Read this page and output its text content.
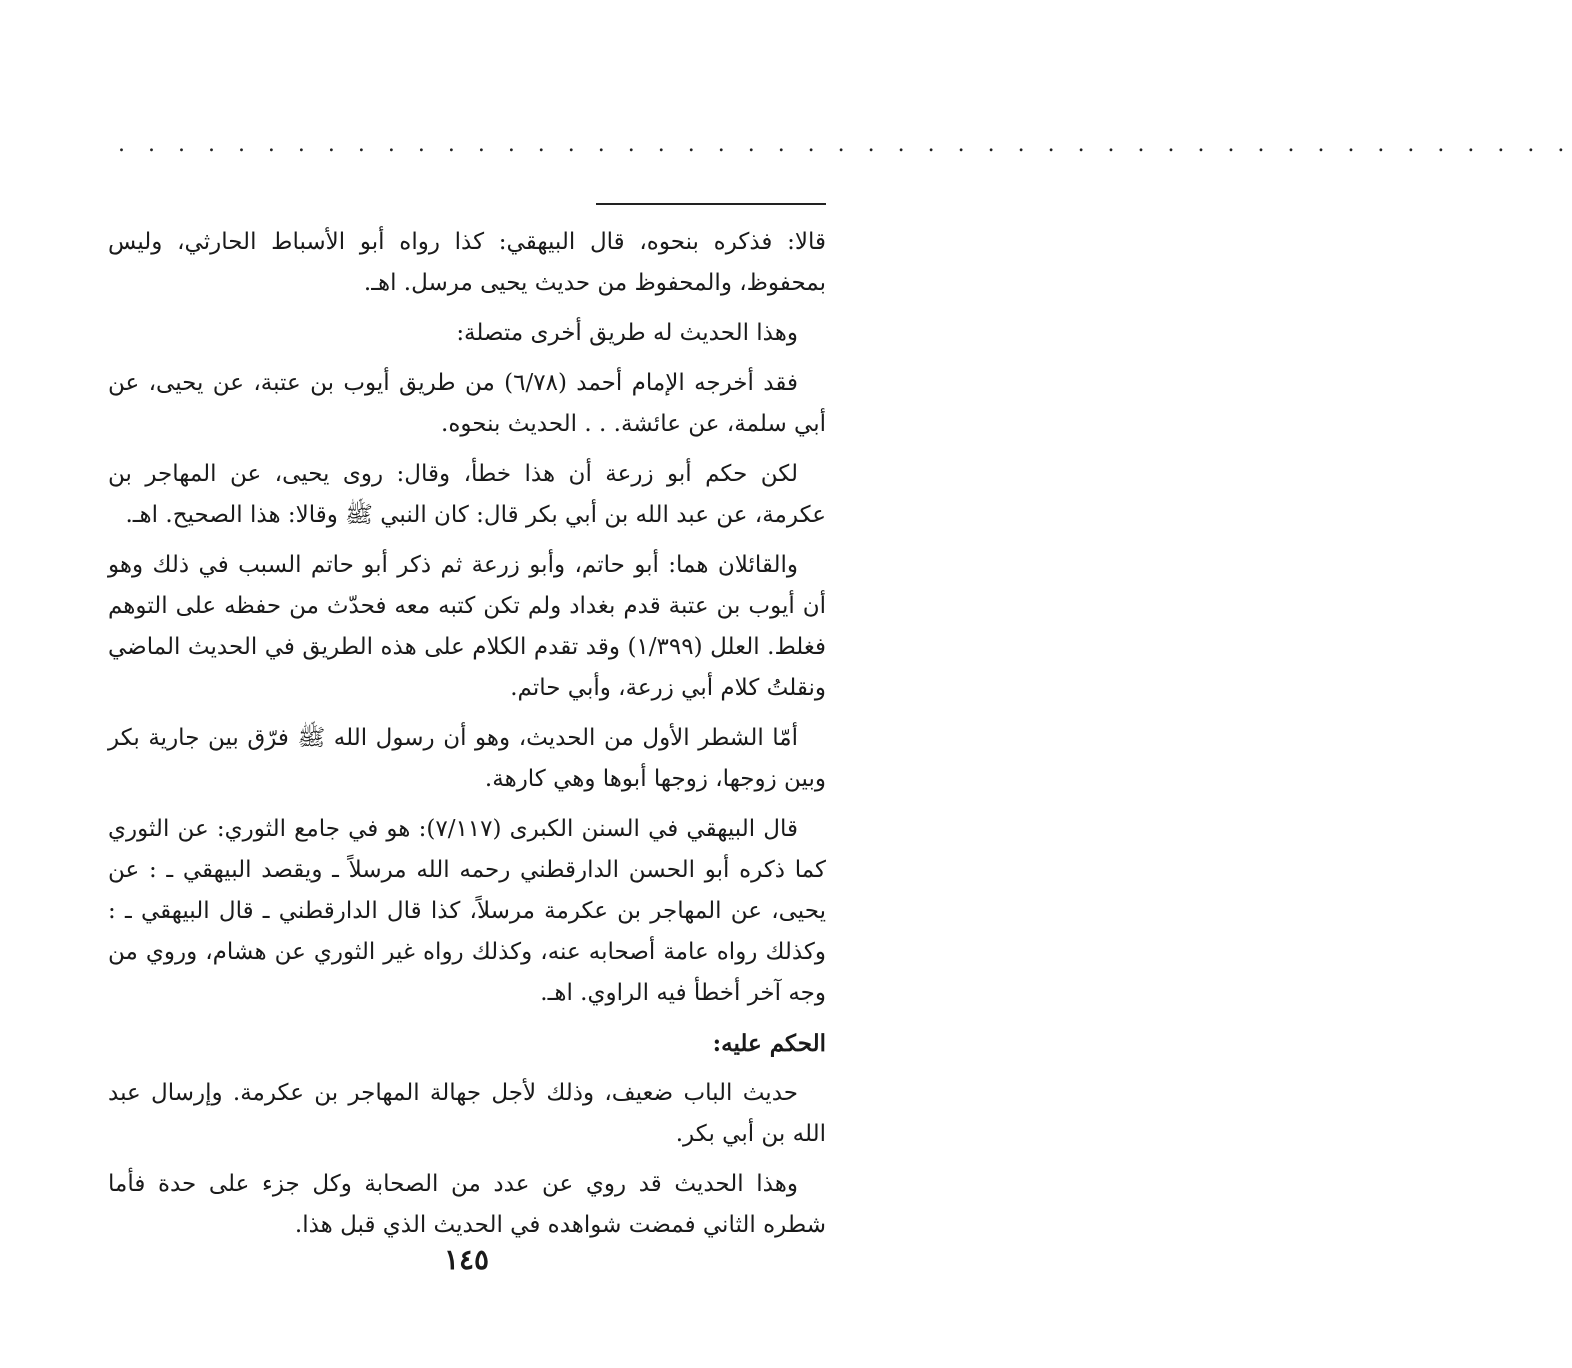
. . . . . . . . . . . . . . . . . . . . . . . . . . . . . . . . . . . . . . . . . . . . . . . . .

قالا: فذكره بنحوه، قال البيهقي: كذا رواه أبو الأسباط الحارثي، وليس بمحفوظ، والمحفوظ من حديث يحيى مرسل. اهـ.

وهذا الحديث له طريق أخرى متصلة:

فقد أخرجه الإمام أحمد (٦/٧٨) من طريق أيوب بن عتبة، عن يحيى، عن أبي سلمة، عن عائشة. . . الحديث بنحوه.

لكن حكم أبو زرعة أن هذا خطأ، وقال: روى يحيى، عن المهاجر بن عكرمة، عن عبد الله بن أبي بكر قال: كان النبي ﷺ وقالا: هذا الصحيح. اهـ.

والقائلان هما: أبو حاتم، وأبو زرعة ثم ذكر أبو حاتم السبب في ذلك وهو أن أيوب بن عتبة قدم بغداد ولم تكن كتبه معه فحدّث من حفظه على التوهم فغلط. العلل (١/٣٩٩) وقد تقدم الكلام على هذه الطريق في الحديث الماضي ونقلتُ كلام أبي زرعة، وأبي حاتم.

أمّا الشطر الأول من الحديث، وهو أن رسول الله ﷺ فرّق بين جارية بكر وبين زوجها، زوجها أبوها وهي كارهة.

قال البيهقي في السنن الكبرى (٧/١١٧): هو في جامع الثوري: عن الثوري كما ذكره أبو الحسن الدارقطني رحمه الله مرسلاً ـ ويقصد البيهقي ـ : عن يحيى، عن المهاجر بن عكرمة مرسلاً، كذا قال الدارقطني ـ قال البيهقي ـ : وكذلك رواه عامة أصحابه عنه، وكذلك رواه غير الثوري عن هشام، وروي من وجه آخر أخطأ فيه الراوي. اهـ.

الحكم عليه:

حديث الباب ضعيف، وذلك لأجل جهالة المهاجر بن عكرمة. وإرسال عبد الله بن أبي بكر.

وهذا الحديث قد روي عن عدد من الصحابة وكل جزء على حدة فأما شطره الثاني فمضت شواهده في الحديث الذي قبل هذا.

١٤٥
